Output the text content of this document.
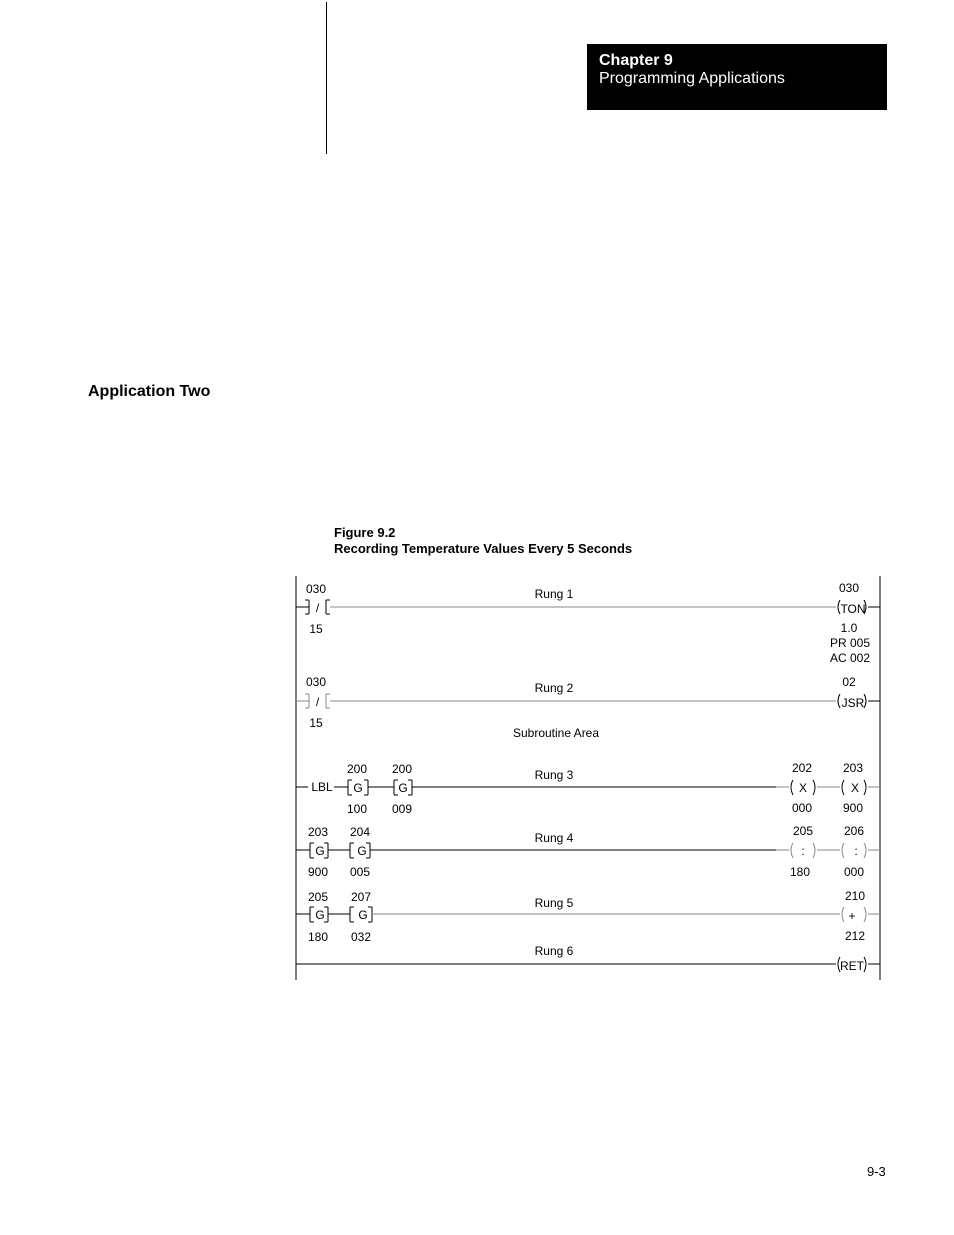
Chapter 9
Programming Applications
Application Two
Figure 9.2
Recording Temperature Values Every 5 Seconds
/
030
15
Rung 1
TON
030
1.0
PR 005
AC 002
/
030
15
Rung 2
JSR
02
Subroutine Area
LBL G
200
100
G
200
009
Rung 3
X
202
000
X
203
900
G
203
900
G
204
005
Rung 4
:
205
180
:
206
000
G
205
180
G
207
032
Rung 5
+
210
212
Rung 6
RET
9-3
